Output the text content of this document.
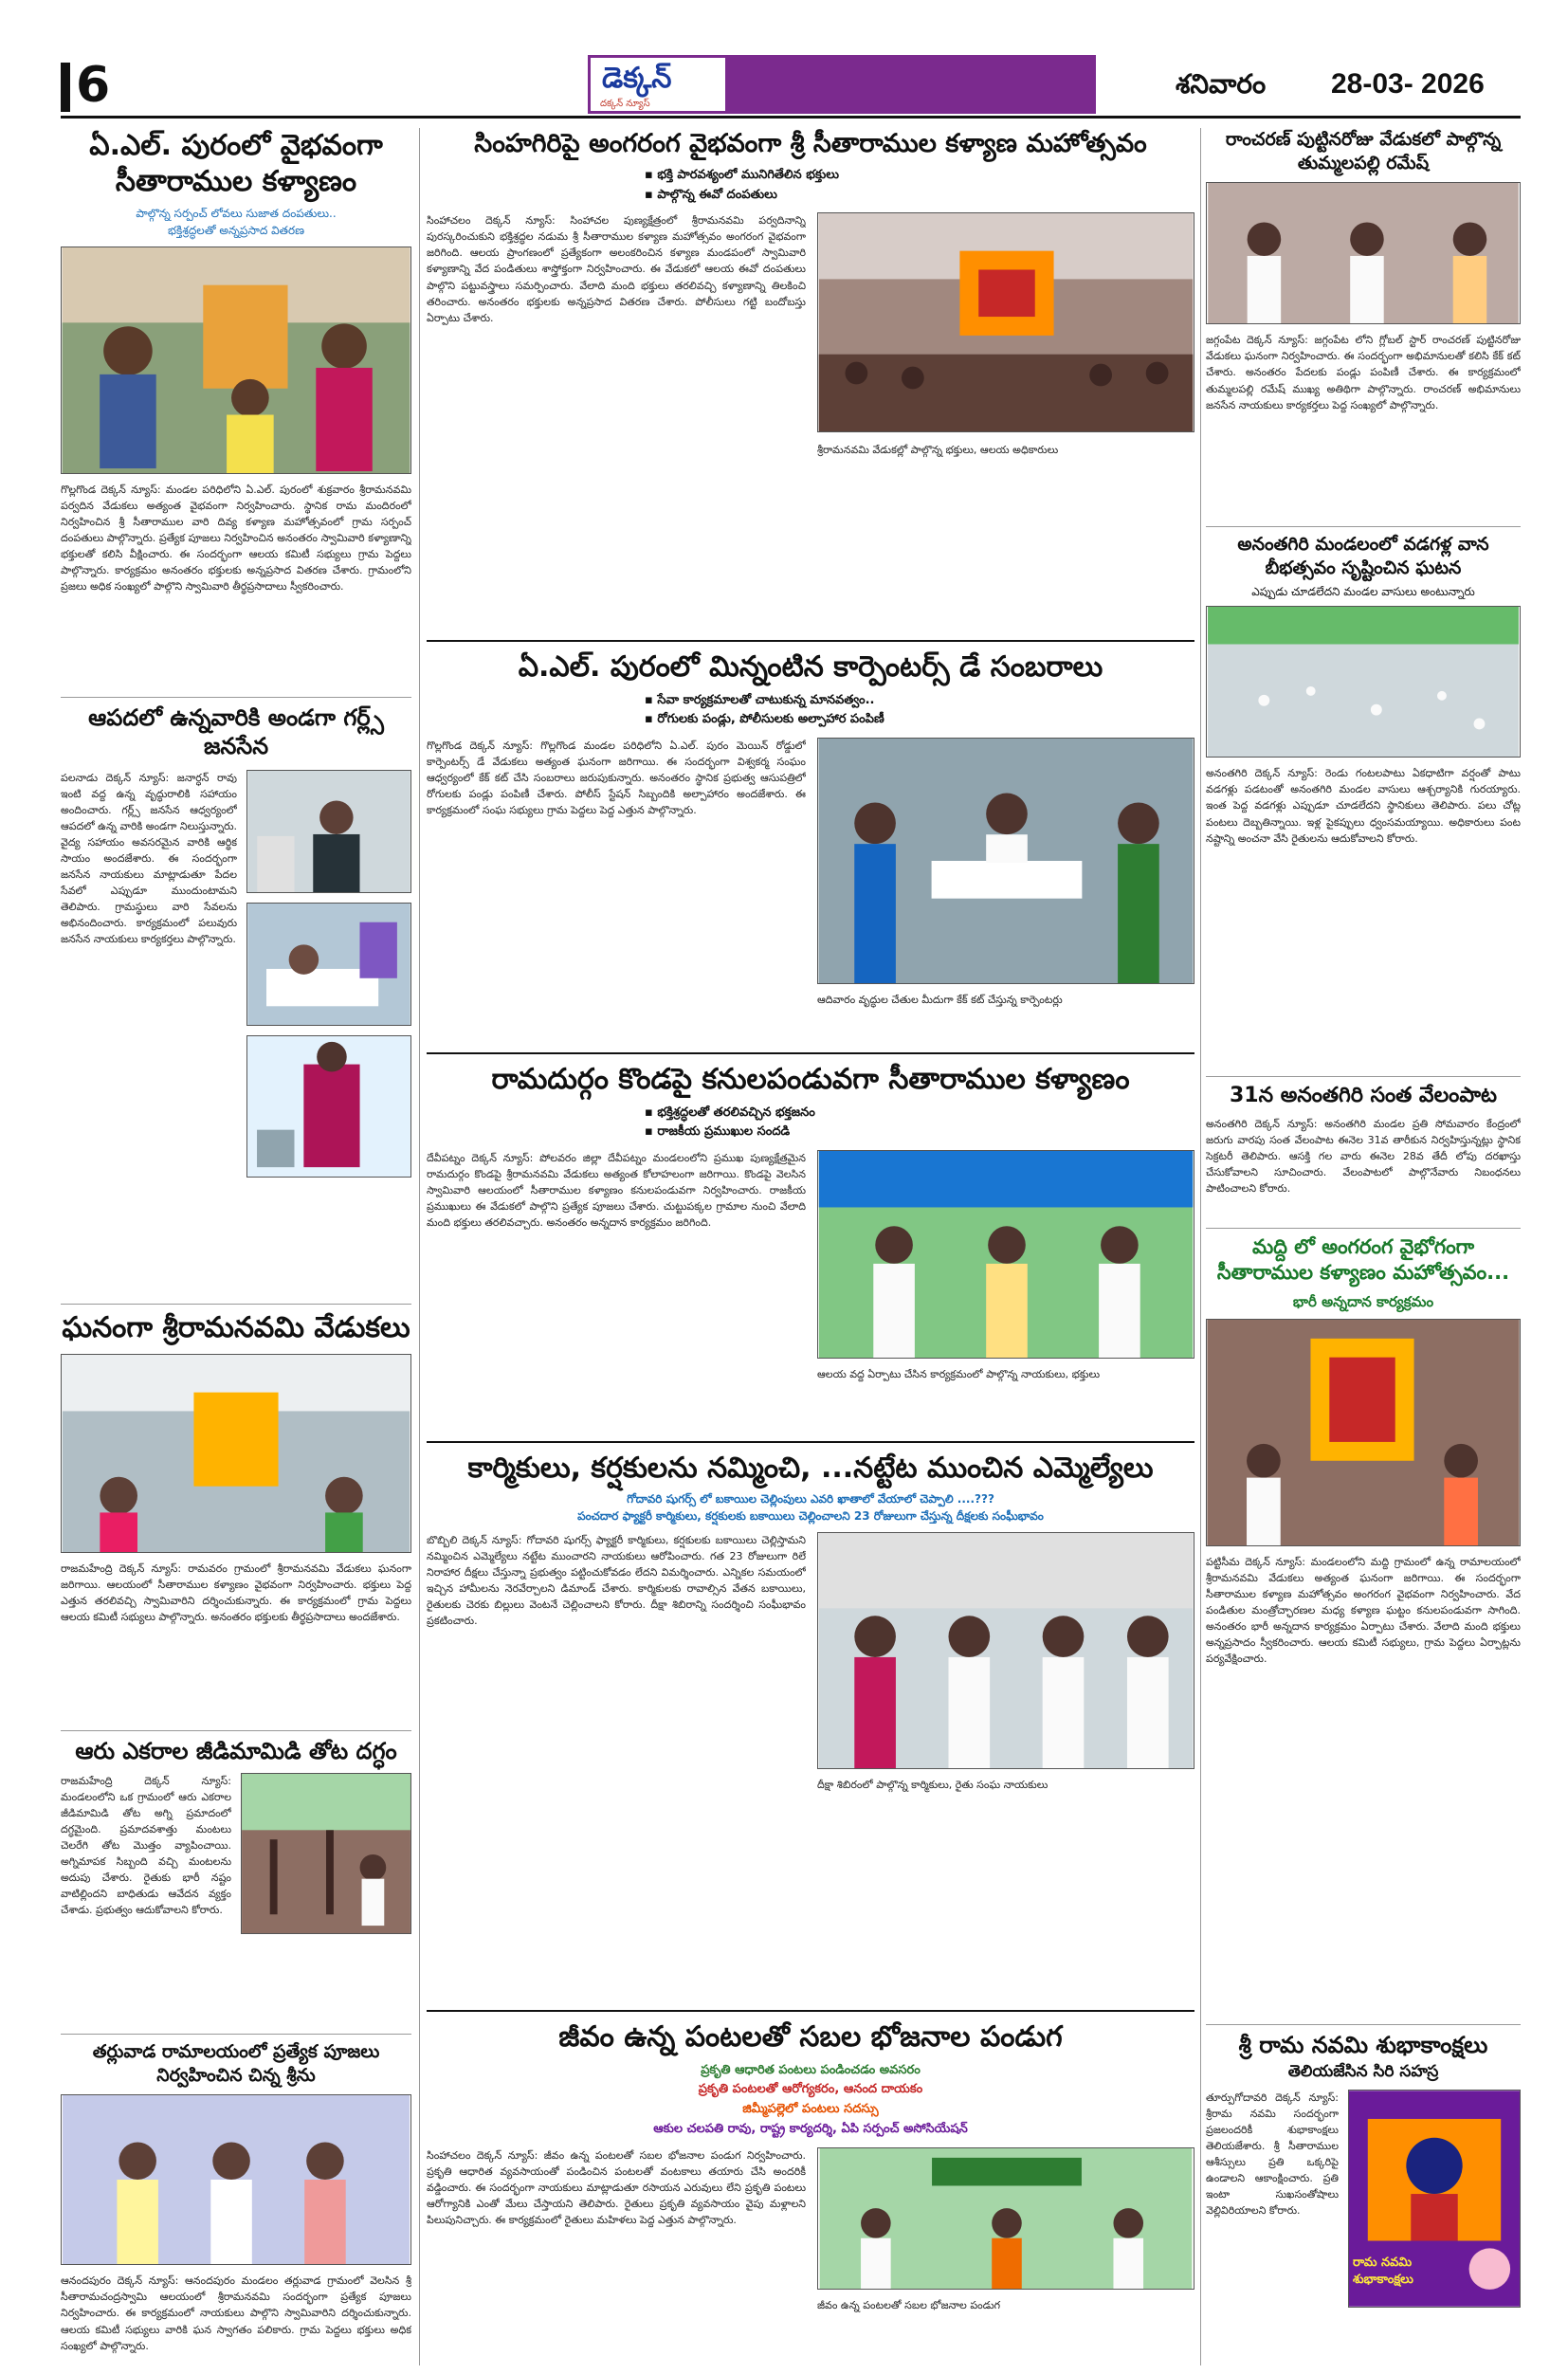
6	డెక్కన్
దక్కన్ న్యూస్
శనివారం 28-03- 2026
ఏ.ఎల్. పురంలో వైభవంగా సీతారాముల కళ్యాణం
పాల్గొన్న సర్పంచ్ లోవలు సుజాత దంపతులు..
భక్తిశ్రద్ధలతో అన్నప్రసాద వితరణ
గొల్లగొండ దెక్కన్ న్యూస్: మండల పరిధిలోని ఏ.ఎల్. పురంలో శుక్రవారం శ్రీరామనవమి పర్వదిన వేడుకలు అత్యంత వైభవంగా నిర్వహించారు. స్థానిక రామ మందిరంలో నిర్వహించిన శ్రీ సీతారాముల వారి దివ్య కళ్యాణ మహోత్సవంలో గ్రామ సర్పంచ్ దంపతులు పాల్గొన్నారు. ప్రత్యేక పూజలు నిర్వహించిన అనంతరం స్వామివారి కళ్యాణాన్ని భక్తులతో కలిసి వీక్షించారు. ఈ సందర్భంగా ఆలయ కమిటీ సభ్యులు గ్రామ పెద్దలు పాల్గొన్నారు. కార్యక్రమం అనంతరం భక్తులకు అన్నప్రసాద వితరణ చేశారు. గ్రామంలోని ప్రజలు అధిక సంఖ్యలో పాల్గొని స్వామివారి తీర్థప్రసాదాలు స్వీకరించారు.
ఆపదలో ఉన్నవారికి అండగా గర్ల్స్ జనసేన
పలనాడు దెక్కన్ న్యూస్: జనార్ధన్ రావు ఇంటి వద్ద ఉన్న వృద్ధురాలికి సహాయం అందించారు. గర్ల్స్ జనసేన ఆధ్వర్యంలో ఆపదలో ఉన్న వారికి అండగా నిలుస్తున్నారు. వైద్య సహాయం అవసరమైన వారికి ఆర్థిక సాయం అందజేశారు. ఈ సందర్భంగా జనసేన నాయకులు మాట్లాడుతూ పేదల సేవలో ఎప్పుడూ ముందుంటామని తెలిపారు. గ్రామస్థులు వారి సేవలను అభినందించారు. కార్యక్రమంలో పలువురు జనసేన నాయకులు కార్యకర్తలు పాల్గొన్నారు.
ఘనంగా శ్రీరామనవమి వేడుకలు
రాజమహేంద్రి దెక్కన్ న్యూస్: రామవరం గ్రామంలో శ్రీరామనవమి వేడుకలు ఘనంగా జరిగాయి. ఆలయంలో సీతారాముల కళ్యాణం వైభవంగా నిర్వహించారు. భక్తులు పెద్ద ఎత్తున తరలివచ్చి స్వామివారిని దర్శించుకున్నారు. ఈ కార్యక్రమంలో గ్రామ పెద్దలు ఆలయ కమిటీ సభ్యులు పాల్గొన్నారు. అనంతరం భక్తులకు తీర్థప్రసాదాలు అందజేశారు.
ఆరు ఎకరాల జీడిమామిడి తోట దగ్ధం
రాజమహేంద్రి దెక్కన్ న్యూస్: మండలంలోని ఒక గ్రామంలో ఆరు ఎకరాల జీడిమామిడి తోట అగ్ని ప్రమాదంలో దగ్ధమైంది. ప్రమాదవశాత్తు మంటలు చెలరేగి తోట మొత్తం వ్యాపించాయి. అగ్నిమాపక సిబ్బంది వచ్చి మంటలను అదుపు చేశారు. రైతుకు భారీ నష్టం వాటిల్లిందని బాధితుడు ఆవేదన వ్యక్తం చేశాడు. ప్రభుత్వం ఆదుకోవాలని కోరారు.
తర్లువాడ రామాలయంలో ప్రత్యేక పూజలు నిర్వహించిన చిన్న శ్రీను
ఆనందపురం దెక్కన్ న్యూస్: ఆనందపురం మండలం తర్లువాడ గ్రామంలో వెలసిన శ్రీ సీతారామచంద్రస్వామి ఆలయంలో శ్రీరామనవమి సందర్భంగా ప్రత్యేక పూజలు నిర్వహించారు. ఈ కార్యక్రమంలో నాయకులు పాల్గొని స్వామివారిని దర్శించుకున్నారు. ఆలయ కమిటీ సభ్యులు వారికి ఘన స్వాగతం పలికారు. గ్రామ పెద్దలు భక్తులు అధిక సంఖ్యలో పాల్గొన్నారు.
సింహగిరిపై అంగరంగ వైభవంగా శ్రీ సీతారాముల కళ్యాణ మహోత్సవం
▪ భక్తి పారవశ్యంలో మునిగితేలిన భక్తులు
▪ పాల్గొన్న ఈవో దంపతులు
సింహాచలం దెక్కన్ న్యూస్: సింహాచల పుణ్యక్షేత్రంలో శ్రీరామనవమి పర్వదినాన్ని పురస్కరించుకుని భక్తిశ్రద్ధల నడుమ శ్రీ సీతారాముల కళ్యాణ మహోత్సవం అంగరంగ వైభవంగా జరిగింది. ఆలయ ప్రాంగణంలో ప్రత్యేకంగా అలంకరించిన కళ్యాణ మండపంలో స్వామివారి కళ్యాణాన్ని వేద పండితులు శాస్త్రోక్తంగా నిర్వహించారు. ఈ వేడుకలో ఆలయ ఈవో దంపతులు పాల్గొని పట్టువస్త్రాలు సమర్పించారు. వేలాది మంది భక్తులు తరలివచ్చి కళ్యాణాన్ని తిలకించి తరించారు. అనంతరం భక్తులకు అన్నప్రసాద వితరణ చేశారు. పోలీసులు గట్టి బందోబస్తు ఏర్పాటు చేశారు.
శ్రీరామనవమి వేడుకల్లో పాల్గొన్న భక్తులు, ఆలయ అధికారులు
ఏ.ఎల్. పురంలో మిన్నంటిన కార్పెంటర్స్ డే సంబరాలు
▪ సేవా కార్యక్రమాలతో చాటుకున్న మానవత్వం..
▪ రోగులకు పండ్లు, పోలీసులకు అల్పాహార పంపిణీ
గొల్లగొండ దెక్కన్ న్యూస్: గొల్లగొండ మండల పరిధిలోని ఏ.ఎల్. పురం మెయిన్ రోడ్డులో కార్పెంటర్స్ డే వేడుకలు అత్యంత ఘనంగా జరిగాయి. ఈ సందర్భంగా విశ్వకర్మ సంఘం ఆధ్వర్యంలో కేక్ కట్ చేసి సంబరాలు జరుపుకున్నారు. అనంతరం స్థానిక ప్రభుత్వ ఆసుపత్రిలో రోగులకు పండ్లు పంపిణీ చేశారు. పోలీస్ స్టేషన్ సిబ్బందికి అల్పాహారం అందజేశారు. ఈ కార్యక్రమంలో సంఘ సభ్యులు గ్రామ పెద్దలు పెద్ద ఎత్తున పాల్గొన్నారు.
ఆదివారం వృద్ధుల చేతుల మీదుగా కేక్ కట్ చేస్తున్న కార్పెంటర్లు
రామదుర్గం కొండపై కనులపండువగా సీతారాముల కళ్యాణం
▪ భక్తిశ్రద్ధలతో తరలివచ్చిన భక్తజనం
▪ రాజకీయ ప్రముఖుల సందడి
దేవీపట్నం దెక్కన్ న్యూస్: పోలవరం జిల్లా దేవీపట్నం మండలంలోని ప్రముఖ పుణ్యక్షేత్రమైన రామదుర్గం కొండపై శ్రీరామనవమి వేడుకలు అత్యంత కోలాహలంగా జరిగాయి. కొండపై వెలసిన స్వామివారి ఆలయంలో సీతారాముల కళ్యాణం కనులపండువగా నిర్వహించారు. రాజకీయ ప్రముఖులు ఈ వేడుకలో పాల్గొని ప్రత్యేక పూజలు చేశారు. చుట్టుపక్కల గ్రామాల నుంచి వేలాది మంది భక్తులు తరలివచ్చారు. అనంతరం అన్నదాన కార్యక్రమం జరిగింది.
ఆలయ వద్ద ఏర్పాటు చేసిన కార్యక్రమంలో పాల్గొన్న నాయకులు, భక్తులు
కార్మికులు, కర్షకులను నమ్మించి, ...నట్టేట ముంచిన ఎమ్మెల్యేలు
గోదావరి షుగర్స్ లో బకాయిల చెల్లింపులు ఎవరి ఖాతాలో వేయాలో చెప్పాలి ....???
పంచదార ఫ్యాక్టరీ కార్మికులు, కర్షకులకు బకాయిలు చెల్లించాలని 23 రోజులుగా చేస్తున్న దీక్షలకు సంఘీభావం
బొబ్బిలి దెక్కన్ న్యూస్: గోదావరి షుగర్స్ ఫ్యాక్టరీ కార్మికులు, కర్షకులకు బకాయిలు చెల్లిస్తామని నమ్మించిన ఎమ్మెల్యేలు నట్టేట ముంచారని నాయకులు ఆరోపించారు. గత 23 రోజులుగా రిలే నిరాహార దీక్షలు చేస్తున్నా ప్రభుత్వం పట్టించుకోవడం లేదని విమర్శించారు. ఎన్నికల సమయంలో ఇచ్చిన హామీలను నెరవేర్చాలని డిమాండ్ చేశారు. కార్మికులకు రావాల్సిన వేతన బకాయిలు, రైతులకు చెరకు బిల్లులు వెంటనే చెల్లించాలని కోరారు. దీక్షా శిబిరాన్ని సందర్శించి సంఘీభావం ప్రకటించారు.
దీక్షా శిబిరంలో పాల్గొన్న కార్మికులు, రైతు సంఘ నాయకులు
జీవం ఉన్న పంటలతో సబల భోజనాల పండుగ
ప్రకృతి ఆధారిత పంటలు పండించడం అవసరం
ప్రకృతి పంటలతో ఆరోగ్యకరం, ఆనంద దాయకం
జిమ్మీపల్లెలో పంటలు సదస్సు
ఆకుల చలపతి రావు, రాష్ట్ర కార్యదర్శి, ఏపి సర్పంచ్ అసోసియేషన్
సింహాచలం దెక్కన్ న్యూస్: జీవం ఉన్న పంటలతో సబల భోజనాల పండుగ నిర్వహించారు. ప్రకృతి ఆధారిత వ్యవసాయంతో పండించిన పంటలతో వంటకాలు తయారు చేసి అందరికీ వడ్డించారు. ఈ సందర్భంగా నాయకులు మాట్లాడుతూ రసాయన ఎరువులు లేని ప్రకృతి పంటలు ఆరోగ్యానికి ఎంతో మేలు చేస్తాయని తెలిపారు. రైతులు ప్రకృతి వ్యవసాయం వైపు మళ్లాలని పిలుపునిచ్చారు. ఈ కార్యక్రమంలో రైతులు మహిళలు పెద్ద ఎత్తున పాల్గొన్నారు.
జీవం ఉన్న పంటలతో సబల భోజనాల పండుగ
రాంచరణ్ పుట్టినరోజు వేడుకలో పాల్గొన్న తుమ్మలపల్లి రమేష్
జగ్గంపేట దెక్కన్ న్యూస్: జగ్గంపేట లోని గ్లోబల్ స్టార్ రాంచరణ్ పుట్టినరోజు వేడుకలు ఘనంగా నిర్వహించారు. ఈ సందర్భంగా అభిమానులతో కలిసి కేక్ కట్ చేశారు. అనంతరం పేదలకు పండ్లు పంపిణీ చేశారు. ఈ కార్యక్రమంలో తుమ్మలపల్లి రమేష్ ముఖ్య అతిథిగా పాల్గొన్నారు. రాంచరణ్ అభిమానులు జనసేన నాయకులు కార్యకర్తలు పెద్ద సంఖ్యలో పాల్గొన్నారు.
అనంతగిరి మండలంలో వడగళ్ల వాన బీభత్సవం సృష్టించిన ఘటన
ఎప్పుడు చూడలేదని మండల వాసులు అంటున్నారు
అనంతగిరి దెక్కన్ న్యూస్: రెండు గంటలపాటు ఏకధాటిగా వర్షంతో పాటు వడగళ్లు పడటంతో అనంతగిరి మండల వాసులు ఆశ్చర్యానికి గురయ్యారు. ఇంత పెద్ద వడగళ్లు ఎప్పుడూ చూడలేదని స్థానికులు తెలిపారు. పలు చోట్ల పంటలు దెబ్బతిన్నాయి. ఇళ్ల పైకప్పులు ధ్వంసమయ్యాయి. అధికారులు పంట నష్టాన్ని అంచనా వేసి రైతులను ఆదుకోవాలని కోరారు.
31న అనంతగిరి సంత వేలంపాట
అనంతగిరి దెక్కన్ న్యూస్: అనంతగిరి మండల ప్రతి సోమవారం కేంద్రంలో జరుగు వారపు సంత వేలంపాట ఈనెల 31వ తారీకున నిర్వహిస్తున్నట్లు స్థానిక సెక్రటరీ తెలిపారు. ఆసక్తి గల వారు ఈనెల 28వ తేదీ లోపు దరఖాస్తు చేసుకోవాలని సూచించారు. వేలంపాటలో పాల్గొనేవారు నిబంధనలు పాటించాలని కోరారు.
మద్ది లో అంగరంగ వైభోగంగా సీతారాముల కళ్యాణం మహోత్సవం...
భారీ అన్నదాన కార్యక్రమం
పట్టిసీమ దెక్కన్ న్యూస్: మండలంలోని మద్ది గ్రామంలో ఉన్న రామాలయంలో శ్రీరామనవమి వేడుకలు అత్యంత ఘనంగా జరిగాయి. ఈ సందర్భంగా సీతారాముల కళ్యాణ మహోత్సవం అంగరంగ వైభవంగా నిర్వహించారు. వేద పండితుల మంత్రోచ్ఛారణల మధ్య కళ్యాణ ఘట్టం కనులపండువగా సాగింది. అనంతరం భారీ అన్నదాన కార్యక్రమం ఏర్పాటు చేశారు. వేలాది మంది భక్తులు అన్నప్రసాదం స్వీకరించారు. ఆలయ కమిటీ సభ్యులు, గ్రామ పెద్దలు ఏర్పాట్లను పర్యవేక్షించారు.
శ్రీ రామ నవమి శుభాకాంక్షలు
తెలియజేసిన సిరి సహస్ర
తూర్పుగోదావరి దెక్కన్ న్యూస్: శ్రీరామ నవమి సందర్భంగా ప్రజలందరికీ శుభాకాంక్షలు తెలియజేశారు. శ్రీ సీతారాముల ఆశీస్సులు ప్రతి ఒక్కరిపై ఉండాలని ఆకాంక్షించారు. ప్రతి ఇంటా సుఖసంతోషాలు వెల్లివిరియాలని కోరారు.
రామ నవమి శుభాకాంక్షలు
